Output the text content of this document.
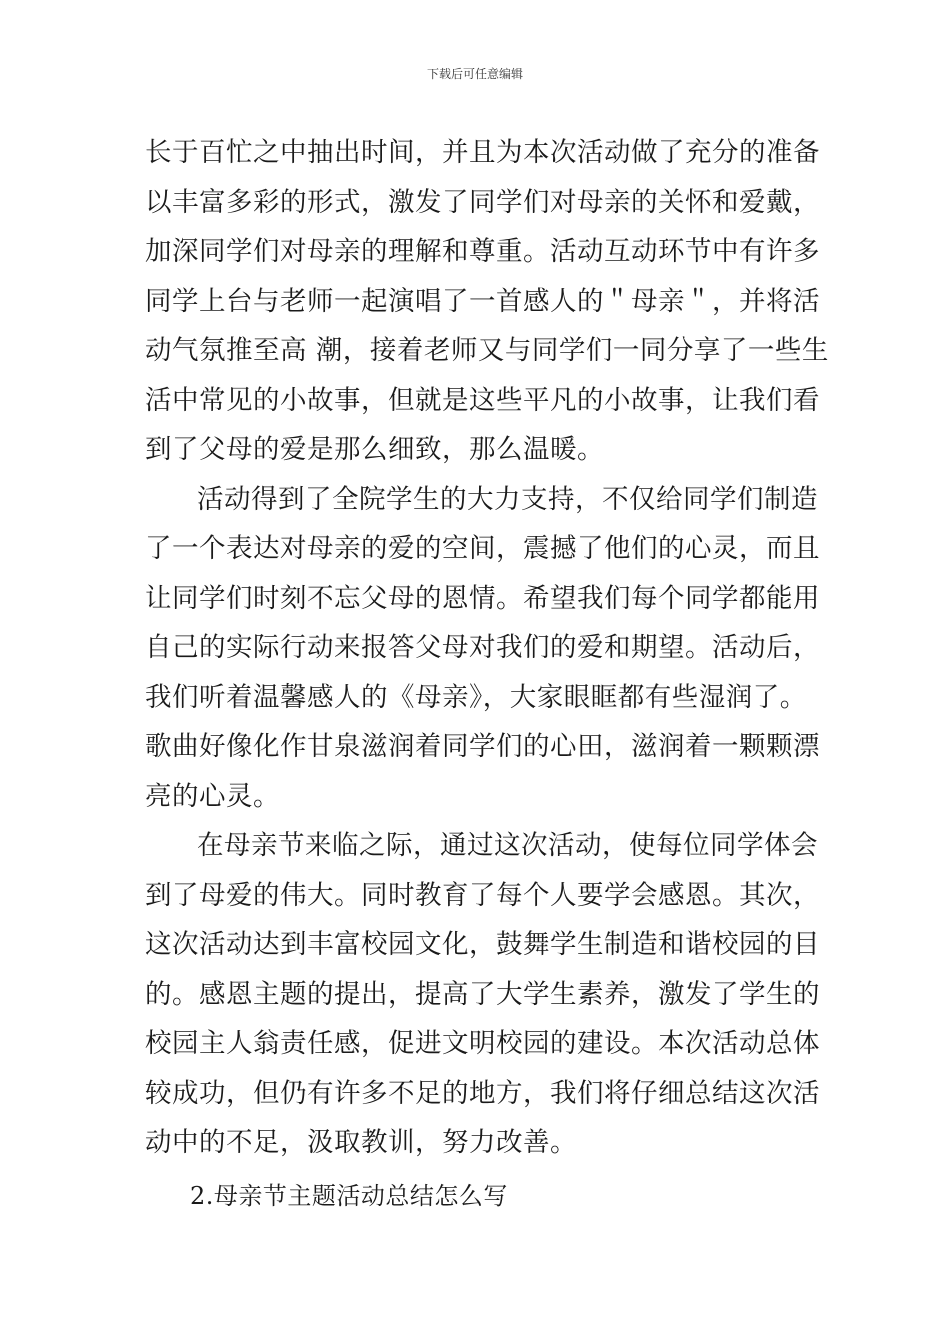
下载后可任意编辑

长于百忙之中抽出时间，并且为本次活动做了充分的准备
以丰富多彩的形式，激发了同学们对母亲的关怀和爱戴，
加深同学们对母亲的理解和尊重。活动互动环节中有许多
同学上台与老师一起演唱了一首感人的＂母亲＂，并将活
动气氛推至高 潮，接着老师又与同学们一同分享了一些生
活中常见的小故事，但就是这些平凡的小故事，让我们看
到了父母的爱是那么细致，那么温暖。

活动得到了全院学生的大力支持，不仅给同学们制造
了一个表达对母亲的爱的空间，震撼了他们的心灵，而且
让同学们时刻不忘父母的恩情。希望我们每个同学都能用
自己的实际行动来报答父母对我们的爱和期望。活动后，
我们听着温馨感人的《母亲》，大家眼眶都有些湿润了。
歌曲好像化作甘泉滋润着同学们的心田，滋润着一颗颗漂
亮的心灵。

在母亲节来临之际，通过这次活动，使每位同学体会
到了母爱的伟大。同时教育了每个人要学会感恩。其次，
这次活动达到丰富校园文化，鼓舞学生制造和谐校园的目
的。感恩主题的提出，提高了大学生素养，激发了学生的
校园主人翁责任感，促进文明校园的建设。本次活动总体
较成功，但仍有许多不足的地方，我们将仔细总结这次活
动中的不足，汲取教训，努力改善。

2.母亲节主题活动总结怎么写
